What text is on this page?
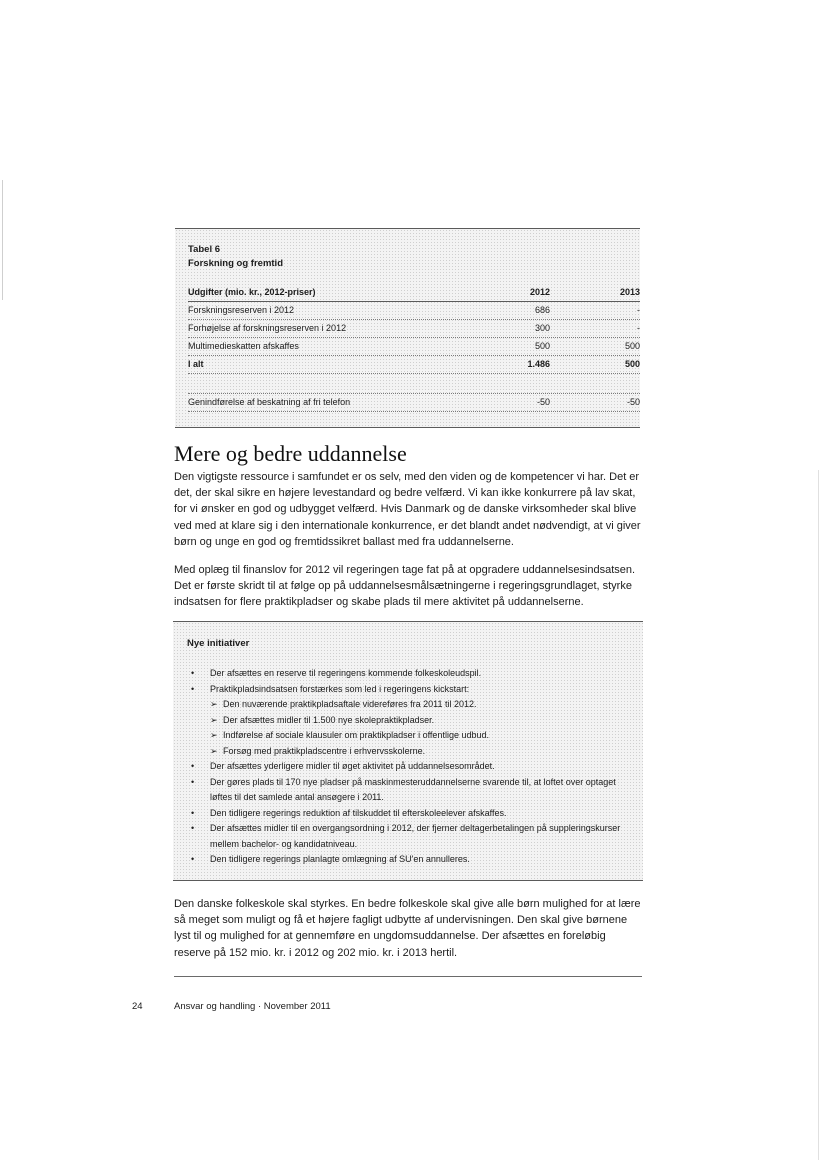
Tabel 6
Forskning og fremtid
Udgifter (mio. kr., 2012-priser)	2012	2013
Forskningsreserven i 2012	686	-
Forhøjelse af forskningsreserven i 2012	300	-
Multimedieskatten afskaffes	500	500
I alt	1.486	500
Genindførelse af beskatning af fri telefon	-50	-50
Mere og bedre uddannelse

Den vigtigste ressource i samfundet er os selv, med den viden og de kompetencer vi har. Det er det, der skal sikre en højere levestandard og bedre velfærd. Vi kan ikke konkurrere på lav skat, for vi ønsker en god og udbygget velfærd. Hvis Danmark og de danske virksomheder skal blive ved med at klare sig i den internationale konkurrence, er det blandt andet nødvendigt, at vi giver børn og unge en god og fremtidssikret ballast med fra uddannelserne.

Med oplæg til finanslov for 2012 vil regeringen tage fat på at opgradere uddannelsesindsatsen. Det er første skridt til at følge op på uddannelsesmålsætningerne i regeringsgrundlaget, styrke indsatsen for flere praktikpladser og skabe plads til mere aktivitet på uddannelserne.

Nye initiativer
• Der afsættes en reserve til regeringens kommende folkeskoleudspil.
• Praktikpladsindsatsen forstærkes som led i regeringens kickstart:
➢ Den nuværende praktikpladsaftale videreføres fra 2011 til 2012.
➢ Der afsættes midler til 1.500 nye skolepraktikpladser.
➢ Indførelse af sociale klausuler om praktikpladser i offentlige udbud.
➢ Forsøg med praktikpladscentre i erhvervsskolerne.
• Der afsættes yderligere midler til øget aktivitet på uddannelsesområdet.
• Der gøres plads til 170 nye pladser på maskinmesteruddannelserne svarende til, at loftet over optaget løftes til det samlede antal ansøgere i 2011.
• Den tidligere regerings reduktion af tilskuddet til efterskoleelever afskaffes.
• Der afsættes midler til en overgangsordning i 2012, der fjerner deltagerbetalingen på suppleringskurser mellem bachelor- og kandidatniveau.
• Den tidligere regerings planlagte omlægning af SU'en annulleres.

Den danske folkeskole skal styrkes. En bedre folkeskole skal give alle børn mulighed for at lære så meget som muligt og få et højere fagligt udbytte af undervisningen. Den skal give børnene lyst til og mulighed for at gennemføre en ungdomsuddannelse. Der afsættes en foreløbig reserve på 152 mio. kr. i 2012 og 202 mio. kr. i 2013 hertil.

24	Ansvar og handling · November 2011
